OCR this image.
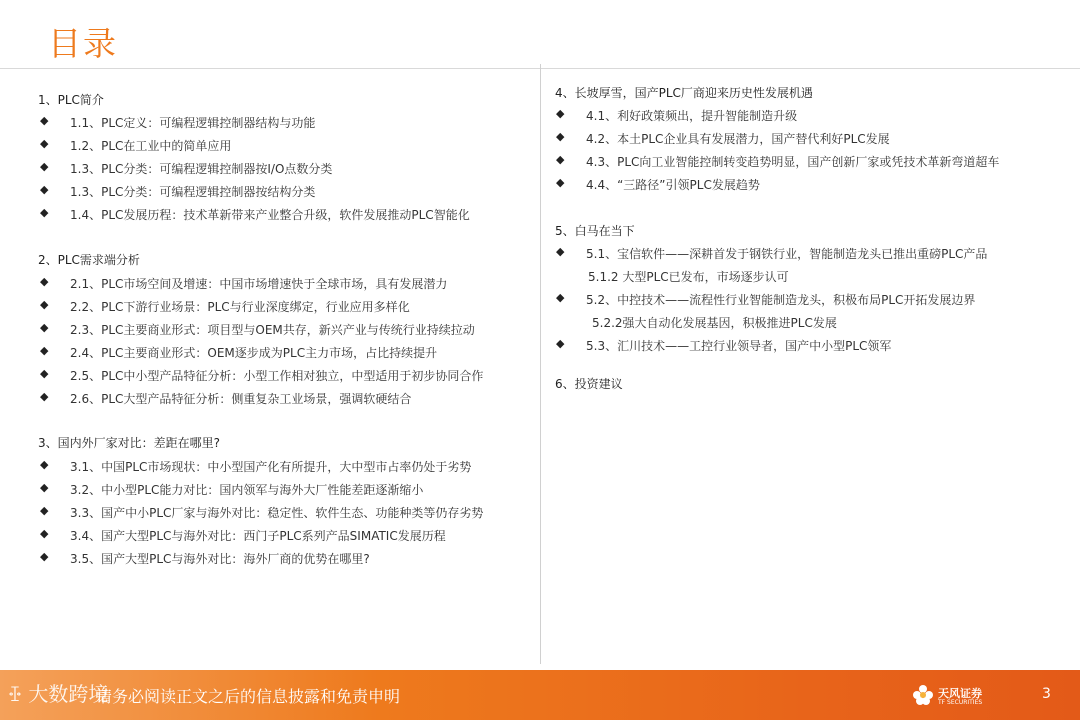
目录
1、PLC简介
◆ 1.1、PLC定义：可编程逻辑控制器结构与功能
◆ 1.2、PLC在工业中的简单应用
◆ 1.3、PLC分类：可编程逻辑控制器按I/O点数分类
◆ 1.3、PLC分类：可编程逻辑控制器按结构分类
◆ 1.4、PLC发展历程：技术革新带来产业整合升级，软件发展推动PLC智能化
2、PLC需求端分析
◆ 2.1、PLC市场空间及增速：中国市场增速快于全球市场，具有发展潜力
◆ 2.2、PLC下游行业场景：PLC与行业深度绑定，行业应用多样化
◆ 2.3、PLC主要商业形式：项目型与OEM共存，新兴产业与传统行业持续拉动
◆ 2.4、PLC主要商业形式：OEM逐步成为PLC主力市场，占比持续提升
◆ 2.5、PLC中小型产品特征分析：小型工作相对独立，中型适用于初步协同合作
◆ 2.6、PLC大型产品特征分析：侧重复杂工业场景，强调软硬结合
3、国内外厂家对比：差距在哪里?
◆ 3.1、中国PLC市场现状：中小型国产化有所提升，大中型市占率仍处于劣势
◆ 3.2、中小型PLC能力对比：国内领军与海外大厂性能差距逐渐缩小
◆ 3.3、国产中小PLC厂家与海外对比：稳定性、软件生态、功能种类等仍存劣势
◆ 3.4、国产大型PLC与海外对比：西门子PLC系列产品SIMATIC发展历程
◆ 3.5、国产大型PLC与海外对比：海外厂商的优势在哪里?
4、长坡厚雪，国产PLC厂商迎来历史性发展机遇
◆ 4.1、利好政策频出，提升智能制造升级
◆ 4.2、本土PLC企业具有发展潜力，国产替代利好PLC发展
◆ 4.3、PLC向工业智能控制转变趋势明显，国产创新厂家或凭技术革新弯道超车
◆ 4.4、“三路径”引领PLC发展趋势
5、白马在当下
◆ 5.1、宝信软件——深耕首发于钢铁行业，智能制造龙头已推出重磅PLC产品
5.1.2 大型PLC已发布，市场逐步认可
◆ 5.2、中控技术——流程性行业智能制造龙头，积极布局PLC开拓发展边界
5.2.2强大自动化发展基因，积极推进PLC发展
◆ 5.3、汇川技术——工控行业领导者，国产中小型PLC领军
6、投资建议
ꔀ 大数跨境
请务必阅读正文之后的信息披露和免责申明	天风证券
TF SECURITIES
3
